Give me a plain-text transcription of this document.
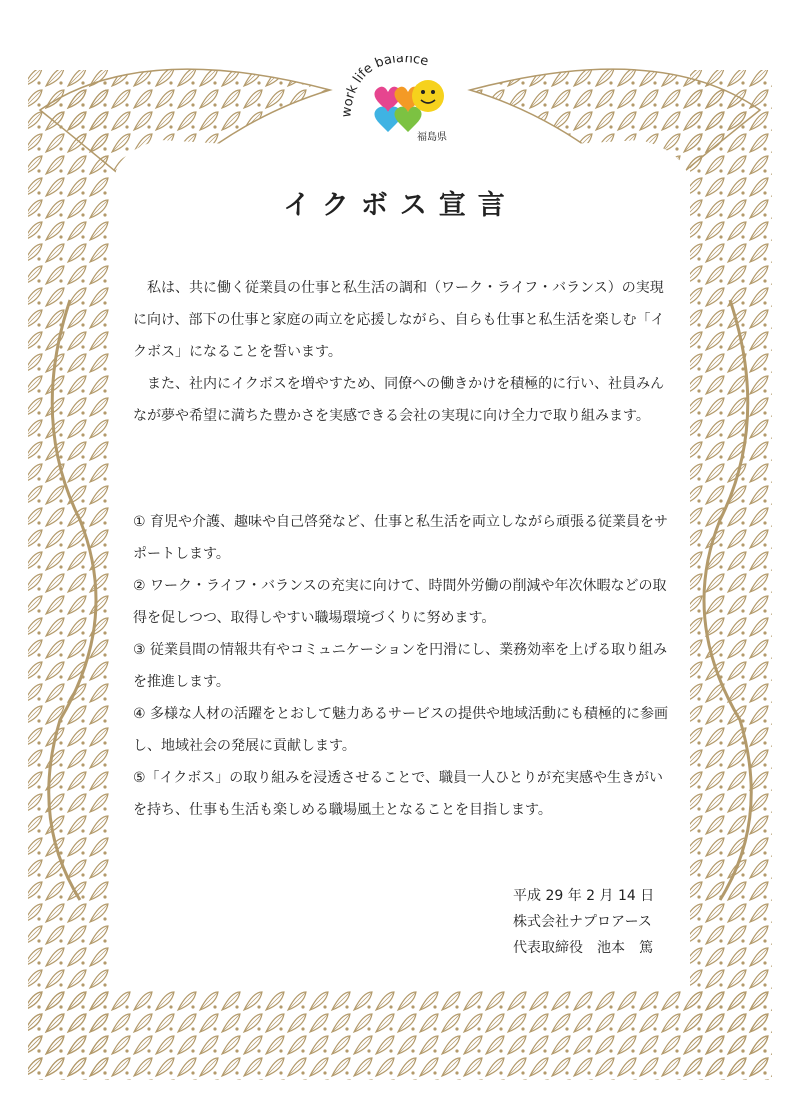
work life balance
福島県
イクボス宣言

私は、共に働く従業員の仕事と私生活の調和（ワーク・ライフ・バランス）の実現に向け、部下の仕事と家庭の両立を応援しながら、自らも仕事と私生活を楽しむ「イクボス」になることを誓います。

また、社内にイクボスを増やすため、同僚への働きかけを積極的に行い、社員みんなが夢や希望に満ちた豊かさを実感できる会社の実現に向け全力で取り組みます。

① 育児や介護、趣味や自己啓発など、仕事と私生活を両立しながら頑張る従業員をサポートします。

② ワーク・ライフ・バランスの充実に向けて、時間外労働の削減や年次休暇などの取得を促しつつ、取得しやすい職場環境づくりに努めます。

③ 従業員間の情報共有やコミュニケーションを円滑にし、業務効率を上げる取り組みを推進します。

④ 多様な人材の活躍をとおして魅力あるサービスの提供や地域活動にも積極的に参画し、地域社会の発展に貢献します。

⑤「イクボス」の取り組みを浸透させることで、職員一人ひとりが充実感や生きがいを持ち、仕事も生活も楽しめる職場風土となることを目指します。

平成 29 年 2 月 14 日
株式会社ナプロアース
代表取締役　池本　篤
